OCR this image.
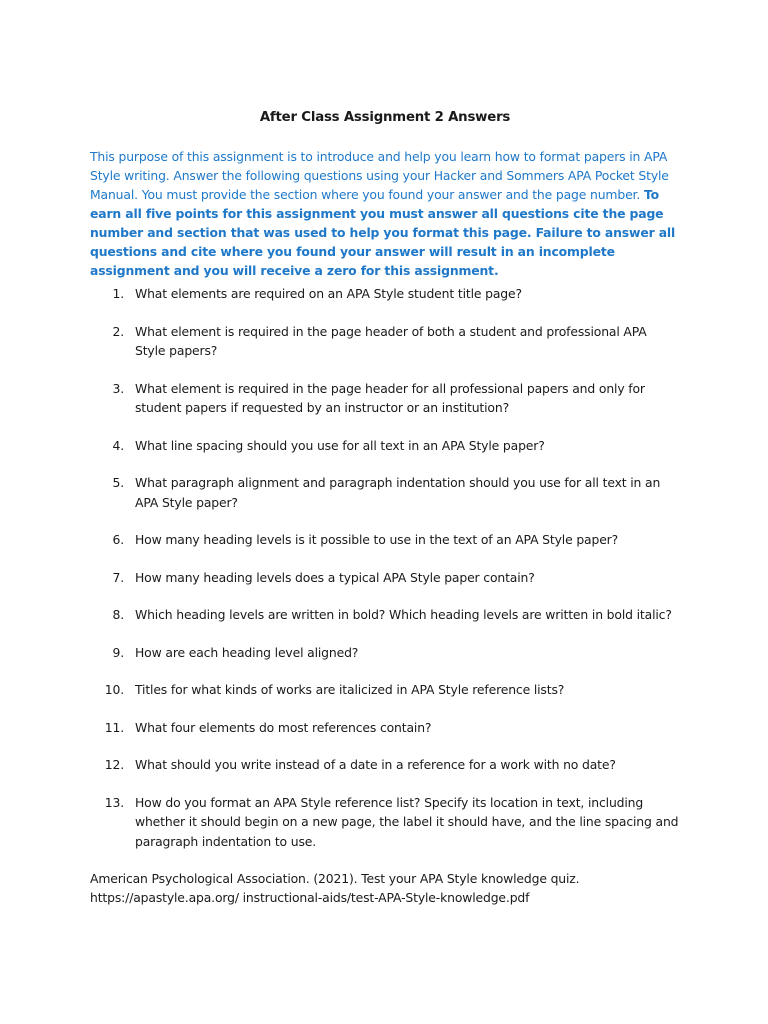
After Class Assignment 2 Answers

This purpose of this assignment is to introduce and help you learn how to format papers in APA Style writing. Answer the following questions using your Hacker and Sommers APA Pocket Style Manual. You must provide the section where you found your answer and the page number. To earn all five points for this assignment you must answer all questions cite the page number and section that was used to help you format this page. Failure to answer all questions and cite where you found your answer will result in an incomplete assignment and you will receive a zero for this assignment.

1. What elements are required on an APA Style student title page?
2. What element is required in the page header of both a student and professional APA Style papers?
3. What element is required in the page header for all professional papers and only for student papers if requested by an instructor or an institution?
4. What line spacing should you use for all text in an APA Style paper?
5. What paragraph alignment and paragraph indentation should you use for all text in an APA Style paper?
6. How many heading levels is it possible to use in the text of an APA Style paper?
7. How many heading levels does a typical APA Style paper contain?
8. Which heading levels are written in bold? Which heading levels are written in bold italic?
9. How are each heading level aligned?
10. Titles for what kinds of works are italicized in APA Style reference lists?
11. What four elements do most references contain?
12. What should you write instead of a date in a reference for a work with no date?
13. How do you format an APA Style reference list? Specify its location in text, including whether it should begin on a new page, the label it should have, and the line spacing and paragraph indentation to use.
American Psychological Association. (2021). Test your APA Style knowledge quiz.
https://apastyle.apa.org/ instructional-aids/test-APA-Style-knowledge.pdf
